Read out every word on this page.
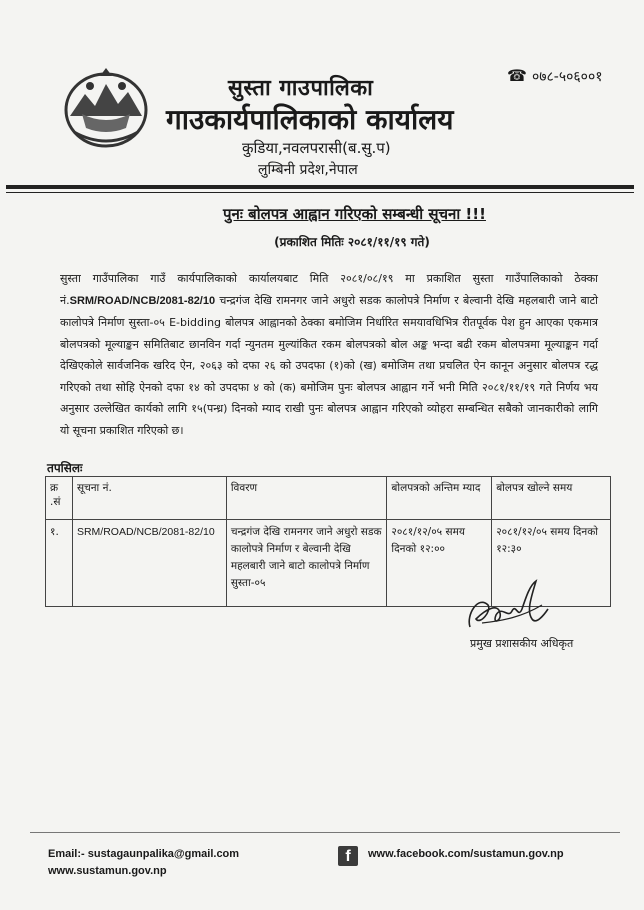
सुस्ता गाउपालिका
गाउकार्यपालिकाको कार्यालय
कुडिया,नवलपरासी(ब.सु.प)
लुम्बिनी प्रदेश,नेपाल
☎ ०७८-५०६००१
पुनः बोलपत्र आह्वान गरिएको सम्बन्धी सूचना !!!
(प्रकाशित मितिः २०८१/११/१९ गते)
सुस्ता गाउँपालिका गाउँ कार्यपालिकाको कार्यालयबाट मिति २०८१/०८/१९ मा प्रकाशित सुस्ता गाउँपालिकाको ठेक्का नं.SRM/ROAD/NCB/2081-82/10 चन्द्रगंज देखि रामनगर जाने अधुरो सडक कालोपत्रे निर्माण र बेल्वानी देखि महलबारी जाने बाटो कालोपत्रे निर्माण सुस्ता-०५ E-bidding बोलपत्र आह्वानको ठेक्का बमोजिम निर्धारित समयावधिभित्र रीतपूर्वक पेश हुन आएका एकमात्र बोलपत्रको मूल्याङ्कन समितिबाट छानविन गर्दा न्युनतम मुल्यांकित रकम बोलपत्रको बोल अङ्क भन्दा बढी रकम बोलपत्रमा मूल्याङ्कन गर्दा देखिएकोले सार्वजनिक खरिद ऐन, २०६३ को दफा २६ को उपदफा (१)को (ख) बमोजिम तथा प्रचलित ऐन कानून अनुसार बोलपत्र रद्ध गरिएको तथा सोहि ऐनको दफा १४ को उपदफा ४ को (क) बमोजिम पुनः बोलपत्र आह्वान गर्ने भनी मिति २०८१/११/१९ गते निर्णय भय अनुसार उल्लेखित कार्यको लागि १५(पन्ध्र) दिनको म्याद राखी पुनः बोलपत्र आह्वान गरिएको व्योहरा सम्बन्धित सबैको जानकारीको लागि यो सूचना प्रकाशित गरिएको छ।
तपसिलः
क्र .सं	सूचना नं.	विवरण	बोलपत्रको अन्तिम म्याद	बोलपत्र खोल्ने समय
१.	SRM/ROAD/NCB/2081-82/10	चन्द्रगंज देखि रामनगर जाने अधुरो सडक कालोपत्रे निर्माण र बेल्वानी देखि महलबारी जाने बाटो कालोपत्रे निर्माण सुस्ता-०५	२०८१/१२/०५ समय दिनको १२:००	२०८१/१२/०५ समय दिनको १२:३०
प्रमुख प्रशासकीय अधिकृत
Email:- sustagaunpalika@gmail.com
www.sustamun.gov.np
f	www.facebook.com/sustamun.gov.np
